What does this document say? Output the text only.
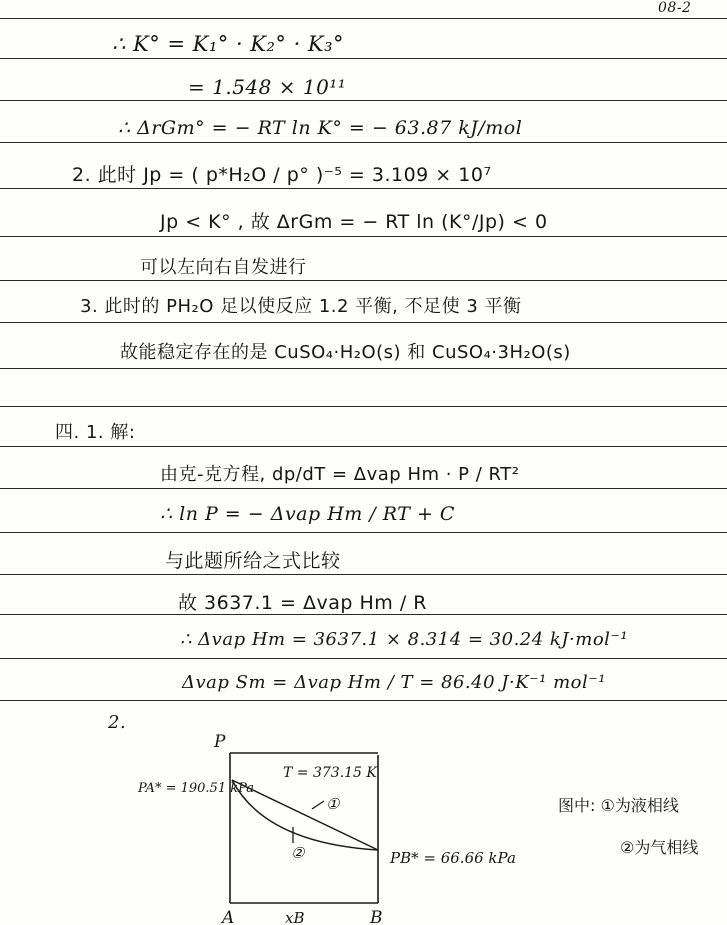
08-2
∴ K° = K₁° · K₂° · K₃°
= 1.548 × 10¹¹
∴ ΔrGm° = − RT ln K° = − 63.87 kJ/mol
2. 此时 Jp = ( p*H₂O / p° )⁻⁵ = 3.109 × 10⁷
Jp < K° , 故 ΔrGm = − RT ln (K°/Jp) < 0
可以左向右自发进行
3. 此时的 PH₂O 足以使反应 1.2 平衡, 不足使 3 平衡
故能稳定存在的是 CuSO₄·H₂O(s) 和 CuSO₄·3H₂O(s)
四. 1. 解:
由克-克方程, dp/dT = Δvap Hm · P / RT²
∴ ln P = − Δvap Hm / RT + C
与此题所给之式比较
故 3637.1 = Δvap Hm / R
∴ Δvap Hm = 3637.1 × 8.314 = 30.24 kJ·mol⁻¹
Δvap Sm = Δvap Hm / T = 86.40 J·K⁻¹ mol⁻¹
2.
P
T = 373.15 K
PA* = 190.51 kPa
①
②	PB* = 66.66 kPa
A	xB	B
图中: ①为液相线
②为气相线
